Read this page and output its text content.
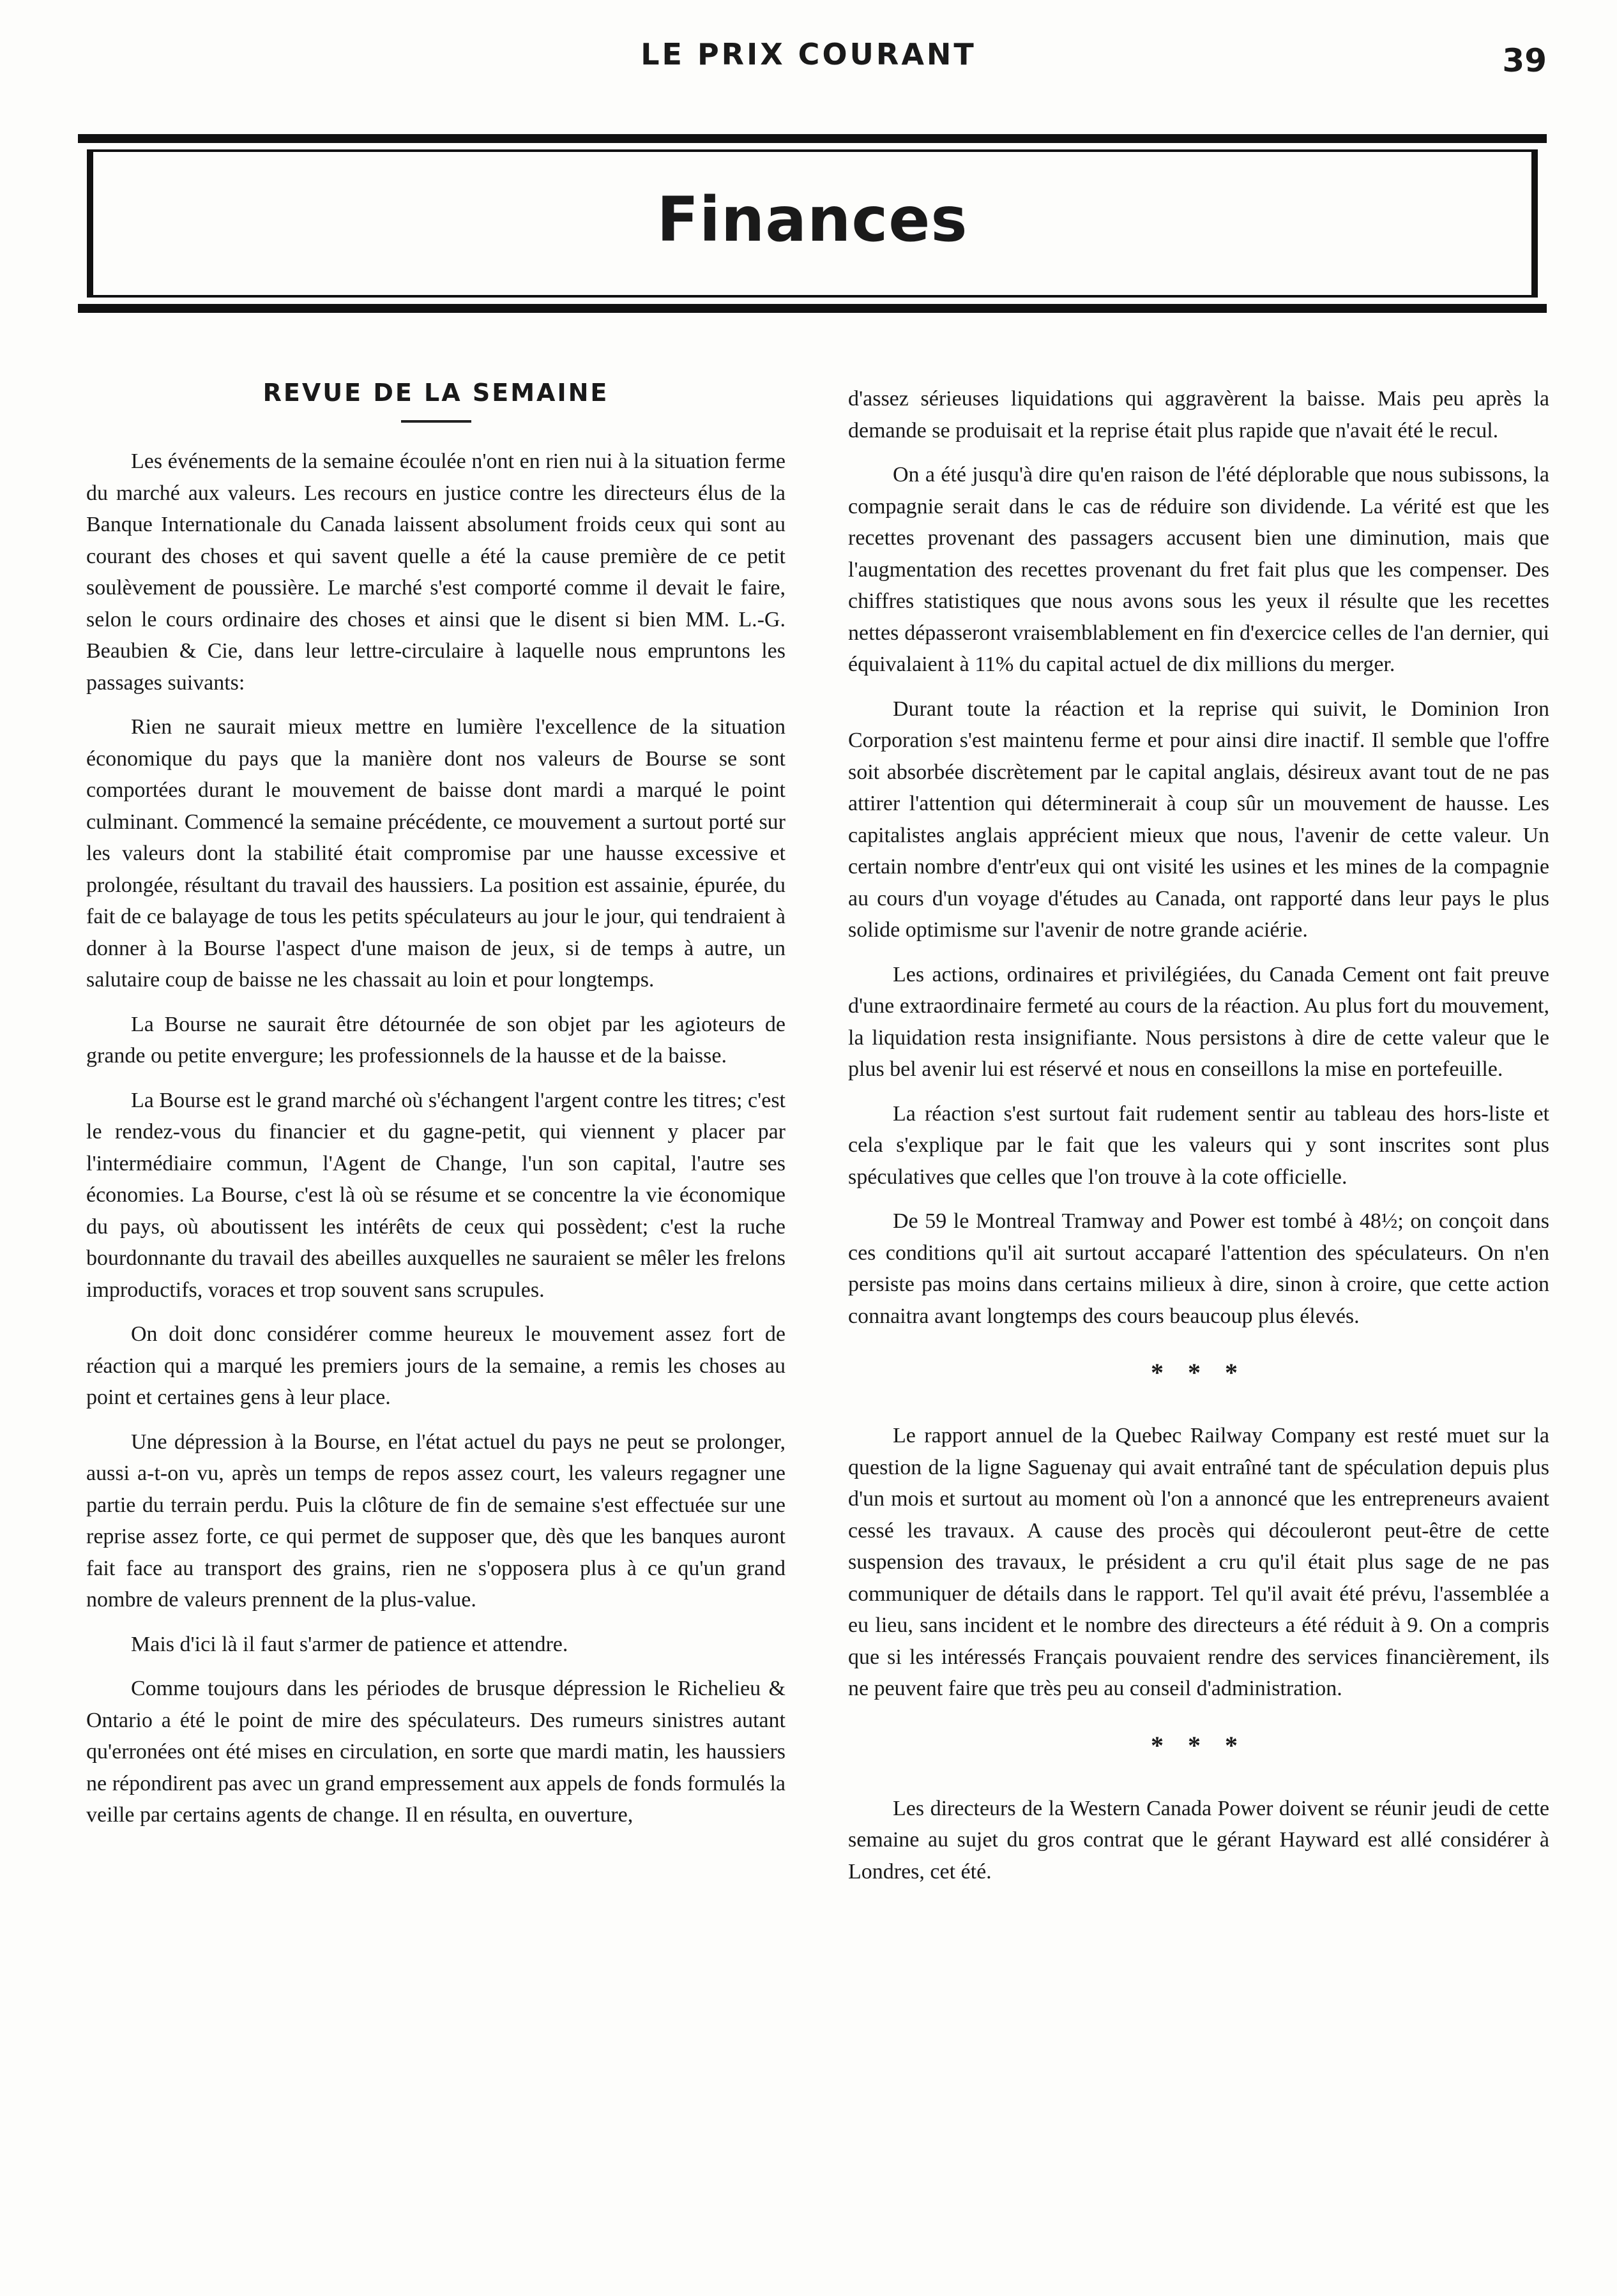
LE PRIX COURANT	39
Finances
REVUE DE LA SEMAINE

Les événements de la semaine écoulée n'ont en rien nui à la situation ferme du marché aux valeurs. Les recours en justice contre les directeurs élus de la Banque Internationale du Canada laissent absolument froids ceux qui sont au courant des choses et qui savent quelle a été la cause première de ce petit soulèvement de poussière. Le marché s'est comporté comme il devait le faire, selon le cours ordinaire des choses et ainsi que le disent si bien MM. L.-G. Beaubien & Cie, dans leur lettre-circulaire à laquelle nous empruntons les passages suivants:

Rien ne saurait mieux mettre en lumière l'excellence de la situation économique du pays que la manière dont nos valeurs de Bourse se sont comportées durant le mouvement de baisse dont mardi a marqué le point culminant. Commencé la semaine précédente, ce mouvement a surtout porté sur les valeurs dont la stabilité était compromise par une hausse excessive et prolongée, résultant du travail des haussiers. La position est assainie, épurée, du fait de ce balayage de tous les petits spéculateurs au jour le jour, qui tendraient à donner à la Bourse l'aspect d'une maison de jeux, si de temps à autre, un salutaire coup de baisse ne les chassait au loin et pour longtemps.

La Bourse ne saurait être détournée de son objet par les agioteurs de grande ou petite envergure; les professionnels de la hausse et de la baisse.

La Bourse est le grand marché où s'échangent l'argent contre les titres; c'est le rendez-vous du financier et du gagne-petit, qui viennent y placer par l'intermédiaire commun, l'Agent de Change, l'un son capital, l'autre ses économies. La Bourse, c'est là où se résume et se concentre la vie économique du pays, où aboutissent les intérêts de ceux qui possèdent; c'est la ruche bourdonnante du travail des abeilles auxquelles ne sauraient se mêler les frelons improductifs, voraces et trop souvent sans scrupules.

On doit donc considérer comme heureux le mouvement assez fort de réaction qui a marqué les premiers jours de la semaine, a remis les choses au point et certaines gens à leur place.

Une dépression à la Bourse, en l'état actuel du pays ne peut se prolonger, aussi a-t-on vu, après un temps de repos assez court, les valeurs regagner une partie du terrain perdu. Puis la clôture de fin de semaine s'est effectuée sur une reprise assez forte, ce qui permet de supposer que, dès que les banques auront fait face au transport des grains, rien ne s'opposera plus à ce qu'un grand nombre de valeurs prennent de la plus-value.

Mais d'ici là il faut s'armer de patience et attendre.

Comme toujours dans les périodes de brusque dépression le Richelieu & Ontario a été le point de mire des spéculateurs. Des rumeurs sinistres autant qu'erronées ont été mises en circulation, en sorte que mardi matin, les haussiers ne répondirent pas avec un grand empressement aux appels de fonds formulés la veille par certains agents de change. Il en résulta, en ouverture,

d'assez sérieuses liquidations qui aggravèrent la baisse. Mais peu après la demande se produisait et la reprise était plus rapide que n'avait été le recul.

On a été jusqu'à dire qu'en raison de l'été déplorable que nous subissons, la compagnie serait dans le cas de réduire son dividende. La vérité est que les recettes provenant des passagers accusent bien une diminution, mais que l'augmentation des recettes provenant du fret fait plus que les compenser. Des chiffres statistiques que nous avons sous les yeux il résulte que les recettes nettes dépasseront vraisemblablement en fin d'exercice celles de l'an dernier, qui équivalaient à 11% du capital actuel de dix millions du merger.

Durant toute la réaction et la reprise qui suivit, le Dominion Iron Corporation s'est maintenu ferme et pour ainsi dire inactif. Il semble que l'offre soit absorbée discrètement par le capital anglais, désireux avant tout de ne pas attirer l'attention qui déterminerait à coup sûr un mouvement de hausse. Les capitalistes anglais apprécient mieux que nous, l'avenir de cette valeur. Un certain nombre d'entr'eux qui ont visité les usines et les mines de la compagnie au cours d'un voyage d'études au Canada, ont rapporté dans leur pays le plus solide optimisme sur l'avenir de notre grande aciérie.

Les actions, ordinaires et privilégiées, du Canada Cement ont fait preuve d'une extraordinaire fermeté au cours de la réaction. Au plus fort du mouvement, la liquidation resta insignifiante. Nous persistons à dire de cette valeur que le plus bel avenir lui est réservé et nous en conseillons la mise en portefeuille.

La réaction s'est surtout fait rudement sentir au tableau des hors-liste et cela s'explique par le fait que les valeurs qui y sont inscrites sont plus spéculatives que celles que l'on trouve à la cote officielle.

De 59 le Montreal Tramway and Power est tombé à 48½; on conçoit dans ces conditions qu'il ait surtout accaparé l'attention des spéculateurs. On n'en persiste pas moins dans certains milieux à dire, sinon à croire, que cette action connaitra avant longtemps des cours beaucoup plus élevés.

* * *

Le rapport annuel de la Quebec Railway Company est resté muet sur la question de la ligne Saguenay qui avait entraîné tant de spéculation depuis plus d'un mois et surtout au moment où l'on a annoncé que les entrepreneurs avaient cessé les travaux. A cause des procès qui découleront peut-être de cette suspension des travaux, le président a cru qu'il était plus sage de ne pas communiquer de détails dans le rapport. Tel qu'il avait été prévu, l'assemblée a eu lieu, sans incident et le nombre des directeurs a été réduit à 9. On a compris que si les intéressés Français pouvaient rendre des services financièrement, ils ne peuvent faire que très peu au conseil d'administration.

* * *

Les directeurs de la Western Canada Power doivent se réunir jeudi de cette semaine au sujet du gros contrat que le gérant Hayward est allé considérer à Londres, cet été.
